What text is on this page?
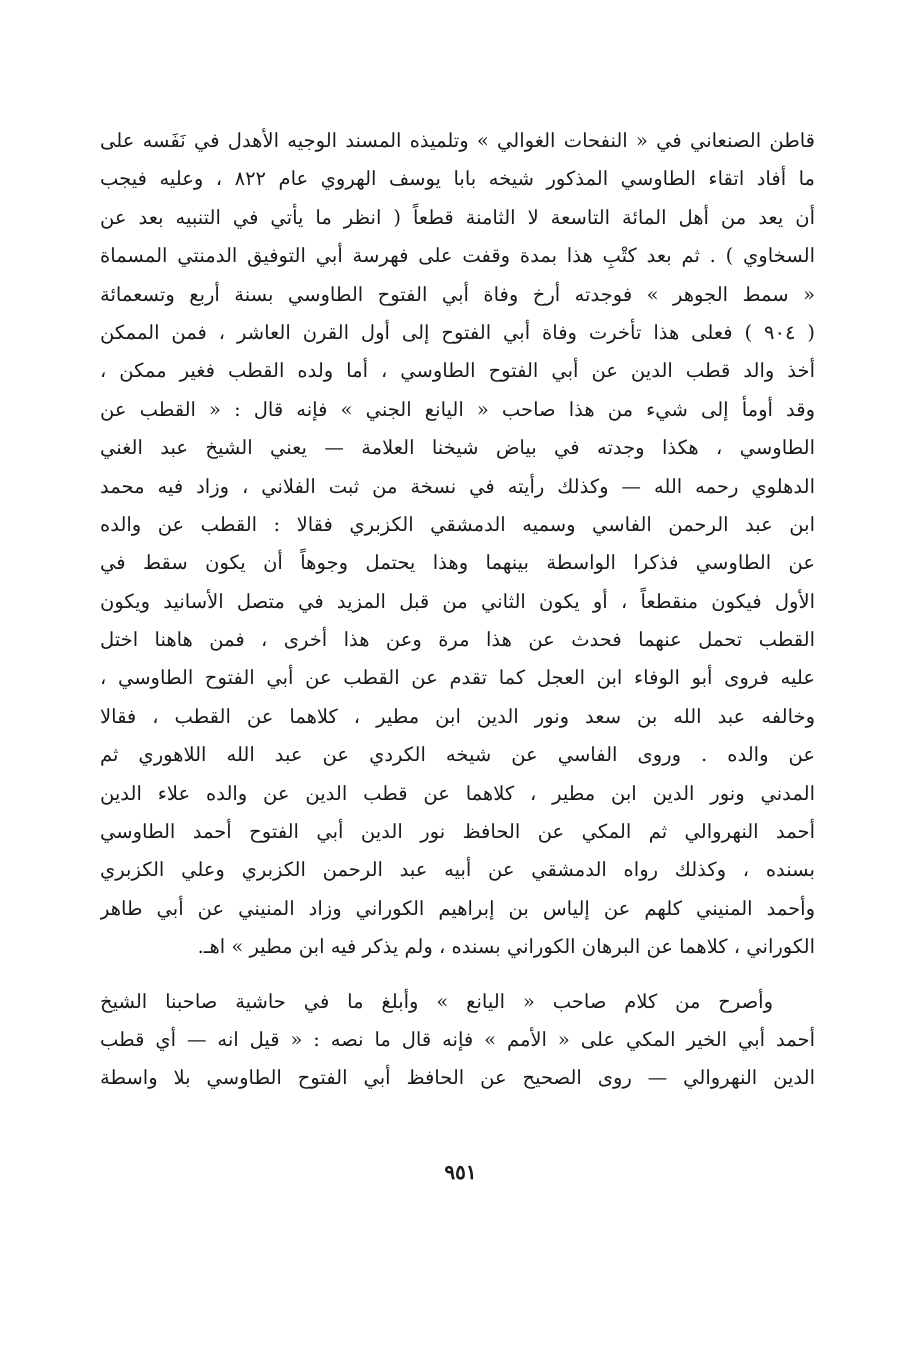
قاطن الصنعاني في « النفحات الغوالي » وتلميذه المسند الوجيه الأهدل في نَفَسه على
ما أفاد اتقاء الطاوسي المذكور شيخه بابا يوسف الهروي عام ٨٢٢ ، وعليه فيجب
أن يعد من أهل المائة التاسعة لا الثامنة قطعاً ( انظر ما يأتي في التنبيه بعد عن
السخاوي ) . ثم بعد كتْبِ هذا بمدة وقفت على فهرسة أبي التوفيق الدمنتي المسماة
« سمط الجوهر » فوجدته أرخ وفاة أبي الفتوح الطاوسي بسنة أربع وتسعمائة
( ٩٠٤ ) فعلى هذا تأخرت وفاة أبي الفتوح إلى أول القرن العاشر ، فمن الممكن
أخذ والد قطب الدين عن أبي الفتوح الطاوسي ، أما ولده القطب فغير ممكن ،
وقد أومأ إلى شيء من هذا صاحب « اليانع الجني » فإنه قال : « القطب عن
الطاوسي ، هكذا وجدته في بياض شيخنا العلامة — يعني الشيخ عبد الغني
الدهلوي رحمه الله — وكذلك رأيته في نسخة من ثبت الفلاني ، وزاد فيه محمد
ابن عبد الرحمن الفاسي وسميه الدمشقي الكزبري فقالا : القطب عن والده
عن الطاوسي فذكرا الواسطة بينهما وهذا يحتمل وجوهاً أن يكون سقط في
الأول فيكون منقطعاً ، أو يكون الثاني من قبل المزيد في متصل الأسانيد ويكون
القطب تحمل عنهما فحدث عن هذا مرة وعن هذا أخرى ، فمن هاهنا اختل
عليه فروى أبو الوفاء ابن العجل كما تقدم عن القطب عن أبي الفتوح الطاوسي ،
وخالفه عبد الله بن سعد ونور الدين ابن مطير ، كلاهما عن القطب ، فقالا
عن والده . وروى الفاسي عن شيخه الكردي عن عبد الله اللاهوري ثم
المدني ونور الدين ابن مطير ، كلاهما عن قطب الدين عن والده علاء الدين
أحمد النهروالي ثم المكي عن الحافظ نور الدين أبي الفتوح أحمد الطاوسي
بسنده ، وكذلك رواه الدمشقي عن أبيه عبد الرحمن الكزبري وعلي الكزبري
وأحمد المنيني كلهم عن إلياس بن إبراهيم الكوراني وزاد المنيني عن أبي طاهر
الكوراني ، كلاهما عن البرهان الكوراني بسنده ، ولم يذكر فيه ابن مطير » اهـ.
وأصرح من كلام صاحب « اليانع » وأبلغ ما في حاشية صاحبنا الشيخ
أحمد أبي الخير المكي على « الأمم » فإنه قال ما نصه : « قيل انه — أي قطب
الدين النهروالي — روى الصحيح عن الحافظ أبي الفتوح الطاوسي بلا واسطة
٩٥١
